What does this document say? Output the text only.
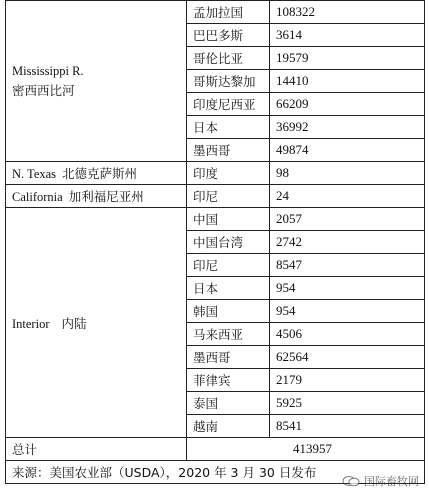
Mississippi R.
密西西比河	孟加拉国	108322
	巴巴多斯	3614
	哥伦比亚	19579
	哥斯达黎加	14410
	印度尼西亚	66209
	日本	36992
	墨西哥	49874
N. Texas 北德克萨斯州	印度	98
California 加利福尼亚州	印尼	24
Interior 内陆	中国	2057
	中国台湾	2742
	印尼	8547
	日本	954
	韩国	954
	马来西亚	4506
	墨西哥	62564
	菲律宾	2179
	泰国	5925
	越南	8541
总计	413957	
来源：美国农业部（USDA），2020 年 3 月 30 日发布		
国际畜牧网
